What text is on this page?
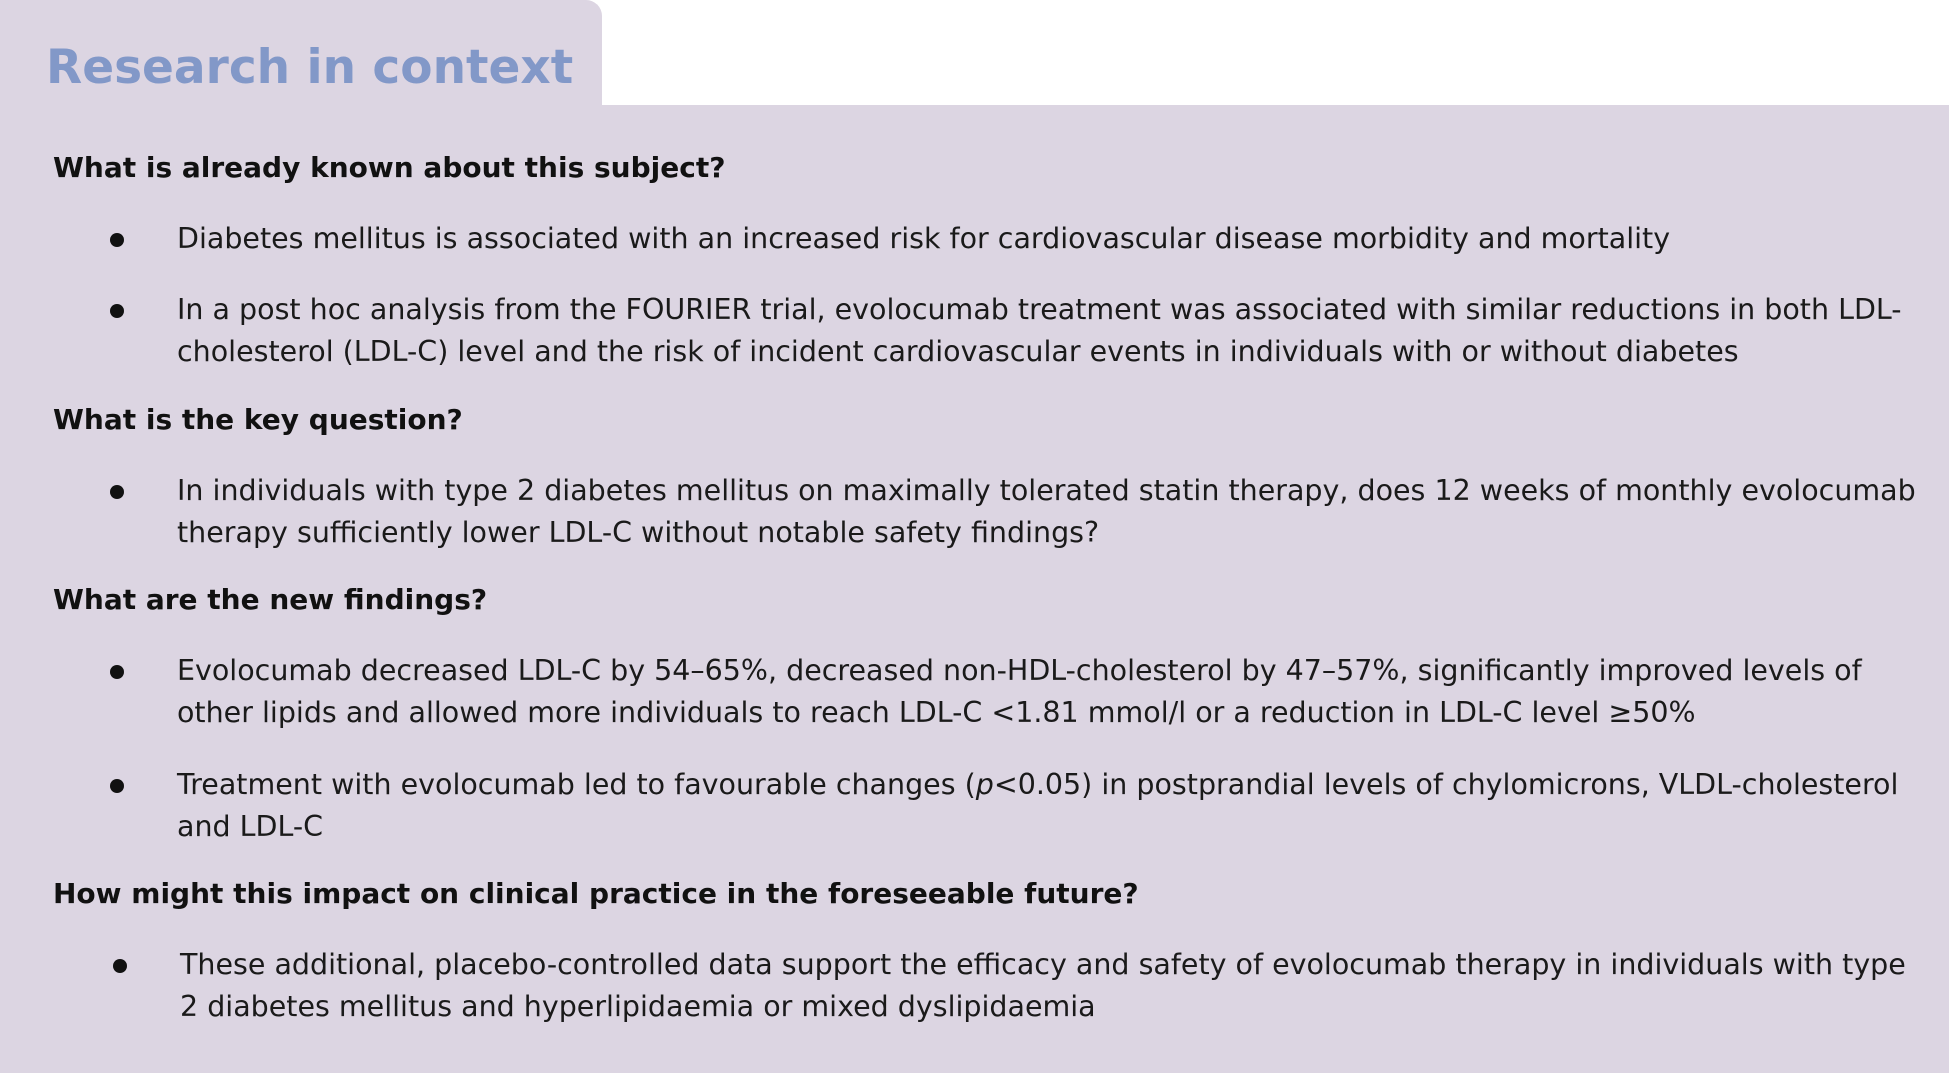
Research in context
What is already known about this subject?

Diabetes mellitus is associated with an increased risk for cardiovascular disease morbidity and mortality

In a post hoc analysis from the FOURIER trial, evolocumab treatment was associated with similar reductions in both LDL-cholesterol (LDL-C) level and the risk of incident cardiovascular events in individuals with or without diabetes

What is the key question?

In individuals with type 2 diabetes mellitus on maximally tolerated statin therapy, does 12 weeks of monthly evolocumab therapy sufficiently lower LDL-C without notable safety findings?

What are the new findings?

Evolocumab decreased LDL-C by 54–65%, decreased non-HDL-cholesterol by 47–57%, significantly improved levels of other lipids and allowed more individuals to reach LDL-C <1.81 mmol/l or a reduction in LDL-C level ≥50%

Treatment with evolocumab led to favourable changes (p<0.05) in postprandial levels of chylomicrons, VLDL-cholesterol and LDL-C

How might this impact on clinical practice in the foreseeable future?

These additional, placebo-controlled data support the efficacy and safety of evolocumab therapy in individuals with type 2 diabetes mellitus and hyperlipidaemia or mixed dyslipidaemia
